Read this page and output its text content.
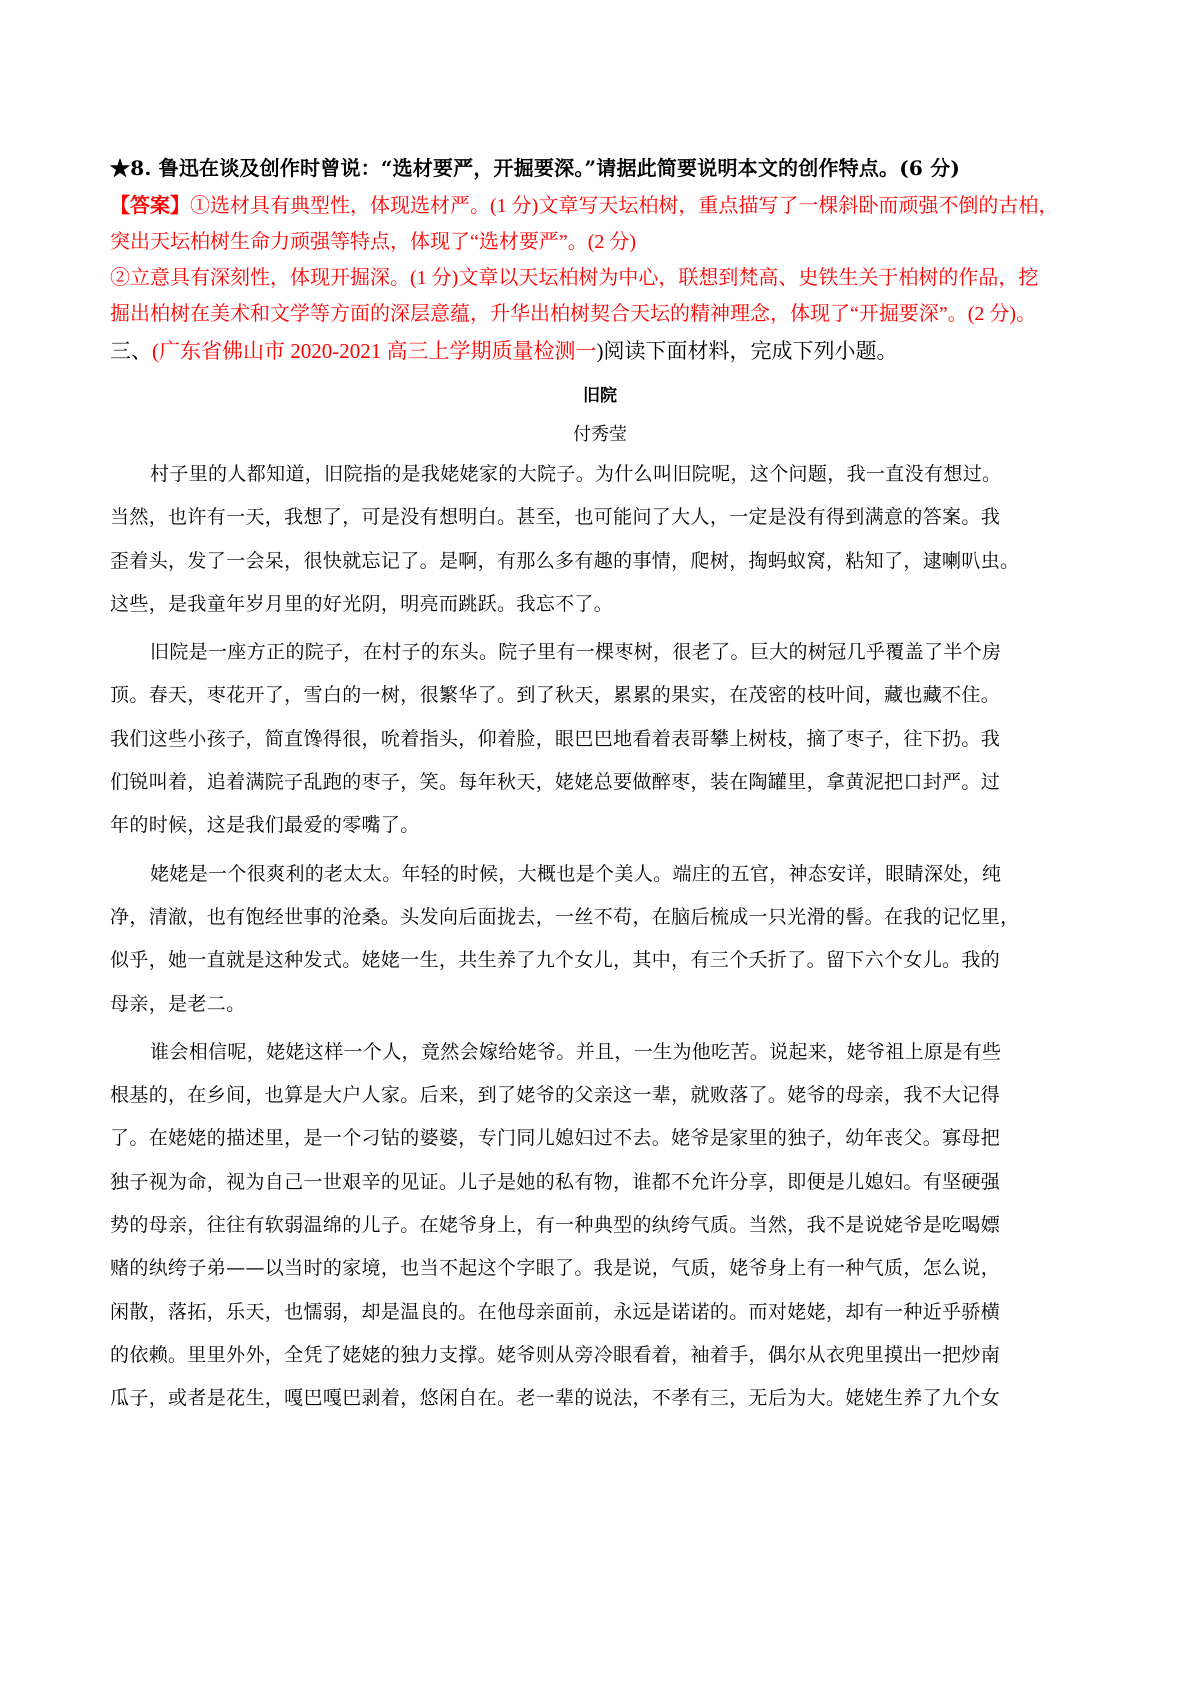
★8. 鲁迅在谈及创作时曾说：“选材要严，开掘要深。”请据此简要说明本文的创作特点。(6 分)
【答案】①选材具有典型性，体现选材严。(1 分)文章写天坛柏树，重点描写了一棵斜卧而顽强不倒的古柏，
突出天坛柏树生命力顽强等特点，体现了“选材要严”。(2 分)
②立意具有深刻性，体现开掘深。(1 分)文章以天坛柏树为中心，联想到梵高、史铁生关于柏树的作品，挖
掘出柏树在美术和文学等方面的深层意蕴，升华出柏树契合天坛的精神理念，体现了“开掘要深”。(2 分)。
三、(广东省佛山市 2020-2021 高三上学期质量检测一)阅读下面材料，完成下列小题。
旧院
付秀莹
村子里的人都知道，旧院指的是我姥姥家的大院子。为什么叫旧院呢，这个问题，我一直没有想过。
当然，也许有一天，我想了，可是没有想明白。甚至，也可能问了大人，一定是没有得到满意的答案。我
歪着头，发了一会呆，很快就忘记了。是啊，有那么多有趣的事情，爬树，掏蚂蚁窝，粘知了，逮喇叭虫。
这些，是我童年岁月里的好光阴，明亮而跳跃。我忘不了。
旧院是一座方正的院子，在村子的东头。院子里有一棵枣树，很老了。巨大的树冠几乎覆盖了半个房
顶。春天，枣花开了，雪白的一树，很繁华了。到了秋天，累累的果实，在茂密的枝叶间，藏也藏不住。
我们这些小孩子，简直馋得很，吮着指头，仰着脸，眼巴巴地看着表哥攀上树枝，摘了枣子，往下扔。我
们锐叫着，追着满院子乱跑的枣子，笑。每年秋天，姥姥总要做醉枣，装在陶罐里，拿黄泥把口封严。过
年的时候，这是我们最爱的零嘴了。
姥姥是一个很爽利的老太太。年轻的时候，大概也是个美人。端庄的五官，神态安详，眼睛深处，纯
净，清澈，也有饱经世事的沧桑。头发向后面拢去，一丝不苟，在脑后梳成一只光滑的髻。在我的记忆里，
似乎，她一直就是这种发式。姥姥一生，共生养了九个女儿，其中，有三个夭折了。留下六个女儿。我的
母亲，是老二。
谁会相信呢，姥姥这样一个人，竟然会嫁给姥爷。并且，一生为他吃苦。说起来，姥爷祖上原是有些
根基的，在乡间，也算是大户人家。后来，到了姥爷的父亲这一辈，就败落了。姥爷的母亲，我不大记得
了。在姥姥的描述里，是一个刁钻的婆婆，专门同儿媳妇过不去。姥爷是家里的独子，幼年丧父。寡母把
独子视为命，视为自己一世艰辛的见证。儿子是她的私有物，谁都不允许分享，即便是儿媳妇。有坚硬强
势的母亲，往往有软弱温绵的儿子。在姥爷身上，有一种典型的纨绔气质。当然，我不是说姥爷是吃喝嫖
赌的纨绔子弟——以当时的家境，也当不起这个字眼了。我是说，气质，姥爷身上有一种气质，怎么说，
闲散，落拓，乐天，也懦弱，却是温良的。在他母亲面前，永远是诺诺的。而对姥姥，却有一种近乎骄横
的依赖。里里外外，全凭了姥姥的独力支撑。姥爷则从旁冷眼看着，袖着手，偶尔从衣兜里摸出一把炒南
瓜子，或者是花生，嘎巴嘎巴剥着，悠闲自在。老一辈的说法，不孝有三，无后为大。姥姥生养了九个女
